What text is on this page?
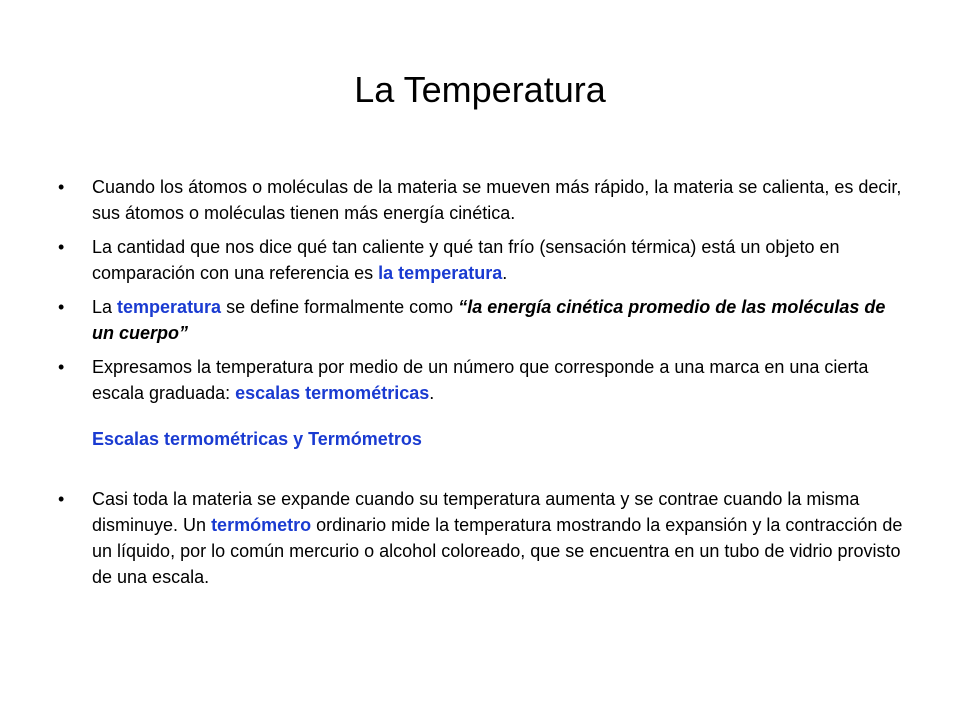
La Temperatura
•	Cuando los átomos o moléculas de la materia se mueven más rápido, la materia se calienta, es decir, sus átomos o moléculas tienen más energía cinética.
•	La cantidad que nos dice qué tan caliente y qué tan frío (sensación térmica) está un objeto en comparación con una referencia es la temperatura.
•	La temperatura se define formalmente como “la energía cinética promedio de las moléculas de un cuerpo”
•	Expresamos la temperatura por medio de un número que corresponde a una marca en una cierta escala graduada: escalas termométricas.
Escalas termométricas y Termómetros
•	Casi toda la materia se expande cuando su temperatura aumenta y se contrae cuando la misma disminuye. Un termómetro ordinario mide la temperatura mostrando la expansión y la contracción de un líquido, por lo común mercurio o alcohol coloreado, que se encuentra en un tubo de vidrio provisto de una escala.
